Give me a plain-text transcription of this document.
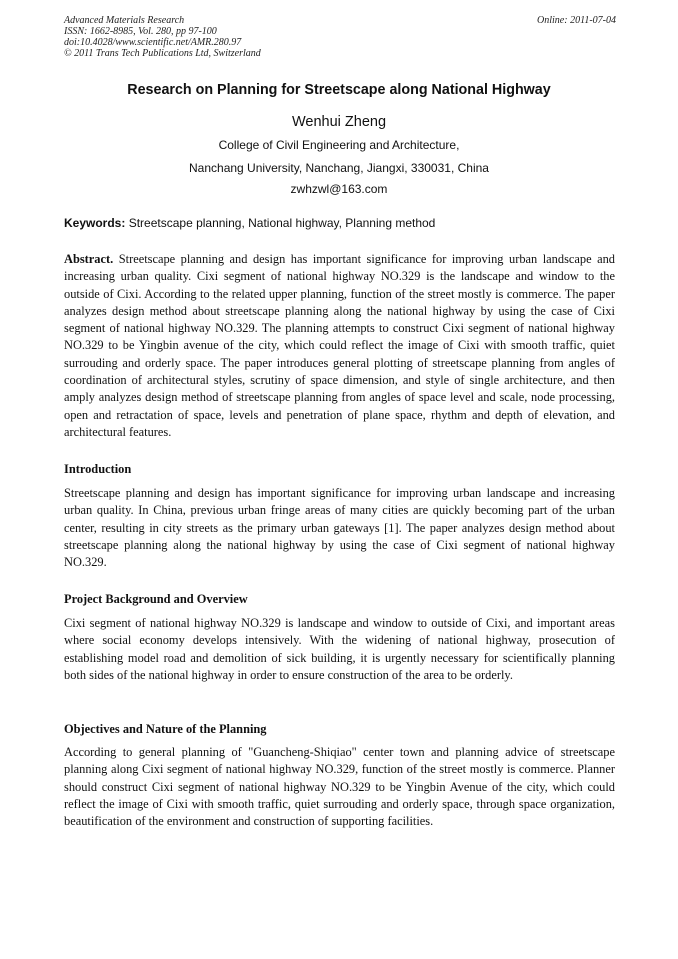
Advanced Materials Research	Online: 2011-07-04
ISSN: 1662-8985, Vol. 280, pp 97-100
doi:10.4028/www.scientific.net/AMR.280.97
© 2011 Trans Tech Publications Ltd, Switzerland
Research on Planning for Streetscape along National Highway
Wenhui Zheng
College of Civil Engineering and Architecture,
Nanchang University, Nanchang, Jiangxi, 330031, China
zwhzwl@163.com
Keywords: Streetscape planning, National highway, Planning method

Abstract. Streetscape planning and design has important significance for improving urban landscape and increasing urban quality. Cixi segment of national highway NO.329 is the landscape and window to the outside of Cixi. According to the related upper planning, function of the street mostly is commerce. The paper analyzes design method about streetscape planning along the national highway by using the case of Cixi segment of national highway NO.329. The planning attempts to construct Cixi segment of national highway NO.329 to be Yingbin avenue of the city, which could reflect the image of Cixi with smooth traffic, quiet surrouding and orderly space. The paper introduces general plotting of streetscape planning from angles of coordination of architectural styles, scrutiny of space dimension, and style of single architecture, and then amply analyzes design method of streetscape planning from angles of space level and scale, node processing, open and retractation of space, levels and penetration of plane space, rhythm and depth of elevation, and architectural features.

Introduction

Streetscape planning and design has important significance for improving urban landscape and increasing urban quality. In China, previous urban fringe areas of many cities are quickly becoming part of the urban center, resulting in city streets as the primary urban gateways [1]. The paper analyzes design method about streetscape planning along the national highway by using the case of Cixi segment of national highway NO.329.

Project Background and Overview

Cixi segment of national highway NO.329 is landscape and window to outside of Cixi, and important areas where social economy develops intensively. With the widening of national highway, prosecution of establishing model road and demolition of sick building, it is urgently necessary for scientifically planning both sides of the national highway in order to ensure construction of the area to be orderly.

Objectives and Nature of the Planning

According to general planning of "Guancheng-Shiqiao" center town and planning advice of streetscape planning along Cixi segment of national highway NO.329, function of the street mostly is commerce. Planner should construct Cixi segment of national highway NO.329 to be Yingbin Avenue of the city, which could reflect the image of Cixi with smooth traffic, quiet surrouding and orderly space, through space organization, beautification of the environment and construction of supporting facilities.
